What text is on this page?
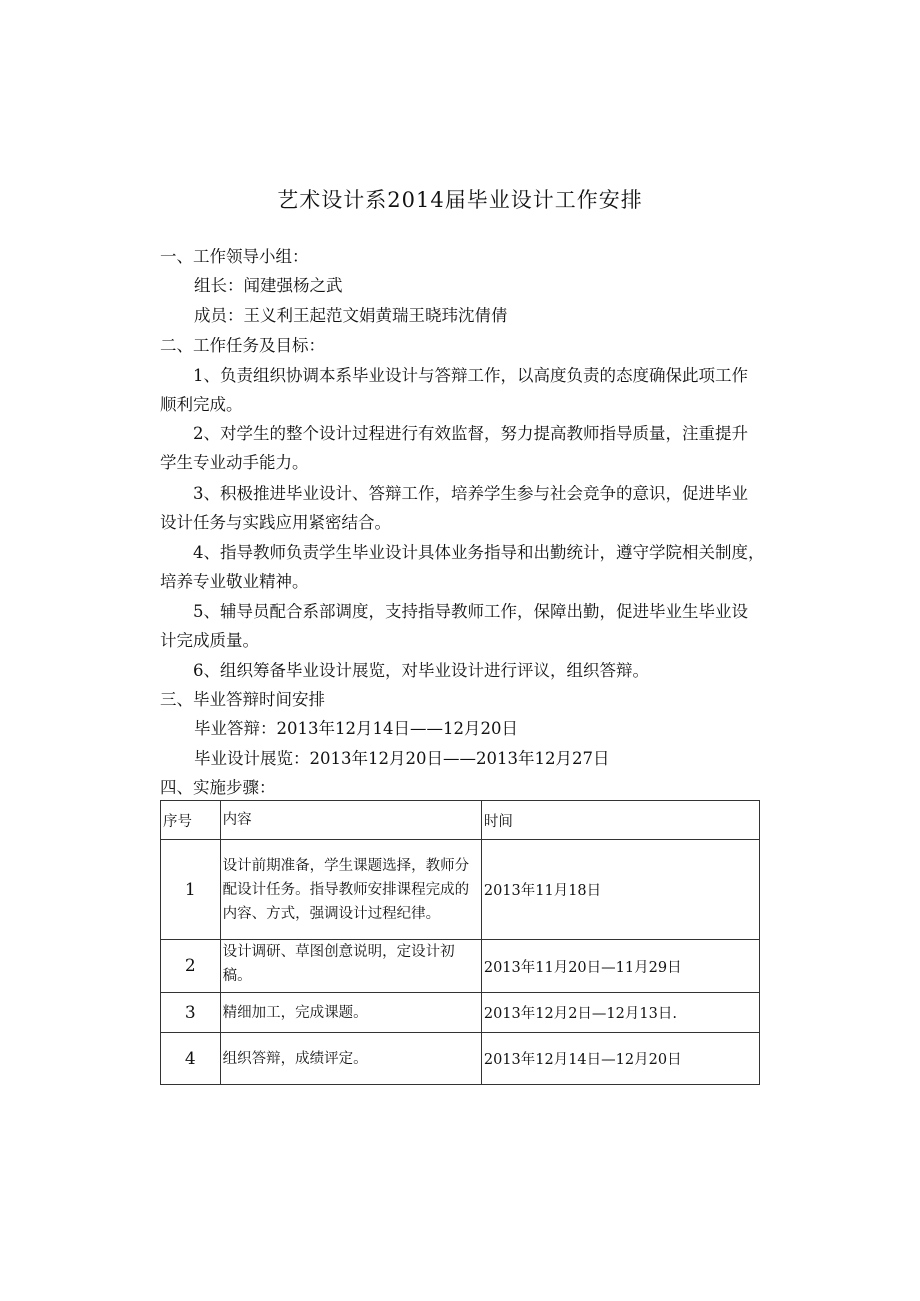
艺术设计系2014届毕业设计工作安排
一、工作领导小组：
组长：闻建强杨之武
成员：王义利王起范文娟黄瑞王晓玮沈倩倩
二、工作任务及目标：
1、负责组织协调本系毕业设计与答辩工作，以高度负责的态度确保此项工作
顺利完成。
2、对学生的整个设计过程进行有效监督，努力提高教师指导质量，注重提升
学生专业动手能力。
3、积极推进毕业设计、答辩工作，培养学生参与社会竞争的意识，促进毕业
设计任务与实践应用紧密结合。
4、指导教师负责学生毕业设计具体业务指导和出勤统计，遵守学院相关制度，
培养专业敬业精神。
5、辅导员配合系部调度，支持指导教师工作，保障出勤，促进毕业生毕业设
计完成质量。
6、组织筹备毕业设计展览，对毕业设计进行评议，组织答辩。
三、毕业答辩时间安排
毕业答辩：2013年12月14日——12月20日
毕业设计展览：2013年12月20日——2013年12月27日
四、实施步骤：
序号	内容	时间
1	设计前期准备，学生课题选择，教师分配设计任务。指导教师安排课程完成的内容、方式，强调设计过程纪律。	2013年11月18日
2	设计调研、草图创意说明，定设计初稿。	2013年11月20日—11月29日
3	精细加工，完成课题。	2013年12月2日—12月13日.
4	组织答辩，成绩评定。	2013年12月14日—12月20日
